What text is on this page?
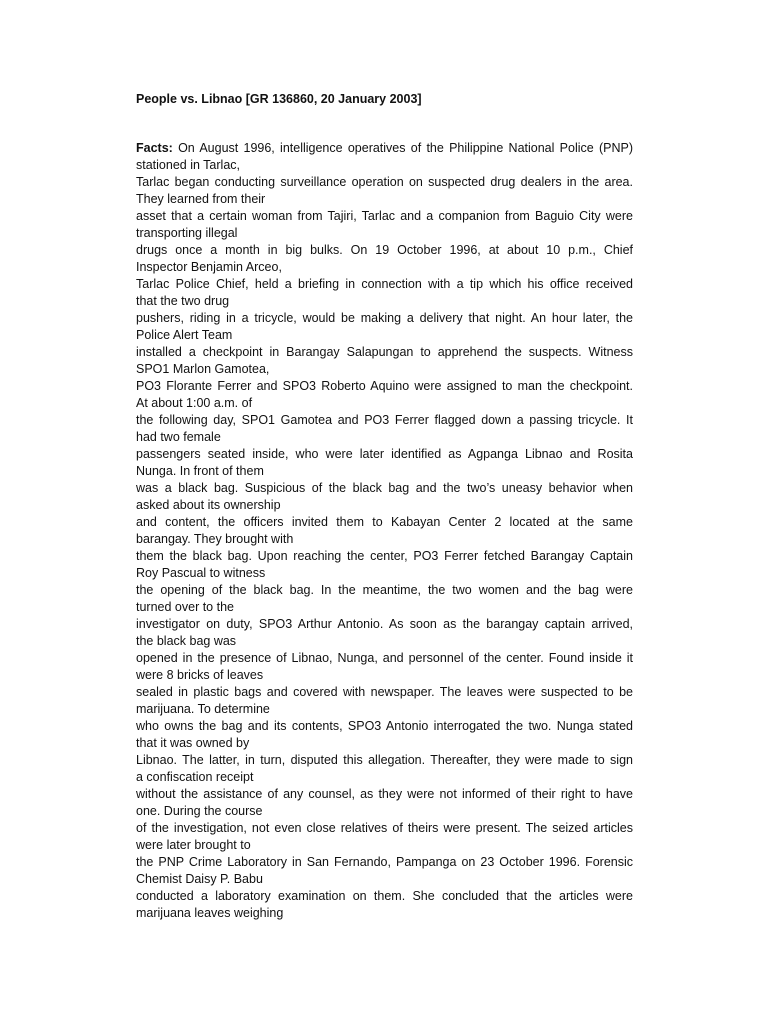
People vs. Libnao [GR 136860, 20 January 2003]

Facts: On August 1996, intelligence operatives of the Philippine National Police (PNP)
stationed in Tarlac,
Tarlac began conducting surveillance operation on suspected drug dealers in the area.
They learned from their
asset that a certain woman from Tajiri, Tarlac and a companion from Baguio City were
transporting illegal
drugs once a month in big bulks. On 19 October 1996, at about 10 p.m., Chief
Inspector Benjamin Arceo,
Tarlac Police Chief, held a briefing in connection with a tip which his office received
that the two drug
pushers, riding in a tricycle, would be making a delivery that night. An hour later, the
Police Alert Team
installed a checkpoint in Barangay Salapungan to apprehend the suspects. Witness
SPO1 Marlon Gamotea,
PO3 Florante Ferrer and SPO3 Roberto Aquino were assigned to man the checkpoint.
At about 1:00 a.m. of
the following day, SPO1 Gamotea and PO3 Ferrer flagged down a passing tricycle. It
had two female
passengers seated inside, who were later identified as Agpanga Libnao and Rosita
Nunga. In front of them
was a black bag. Suspicious of the black bag and the two’s uneasy behavior when
asked about its ownership
and content, the officers invited them to Kabayan Center 2 located at the same
barangay. They brought with
them the black bag. Upon reaching the center, PO3 Ferrer fetched Barangay Captain
Roy Pascual to witness
the opening of the black bag. In the meantime, the two women and the bag were
turned over to the
investigator on duty, SPO3 Arthur Antonio. As soon as the barangay captain arrived,
the black bag was
opened in the presence of Libnao, Nunga, and personnel of the center. Found inside it
were 8 bricks of leaves
sealed in plastic bags and covered with newspaper. The leaves were suspected to be
marijuana. To determine
who owns the bag and its contents, SPO3 Antonio interrogated the two. Nunga stated
that it was owned by
Libnao. The latter, in turn, disputed this allegation. Thereafter, they were made to sign
a confiscation receipt
without the assistance of any counsel, as they were not informed of their right to have
one. During the course
of the investigation, not even close relatives of theirs were present. The seized articles
were later brought to
the PNP Crime Laboratory in San Fernando, Pampanga on 23 October 1996. Forensic
Chemist Daisy P. Babu
conducted a laboratory examination on them. She concluded that the articles were
marijuana leaves weighing
